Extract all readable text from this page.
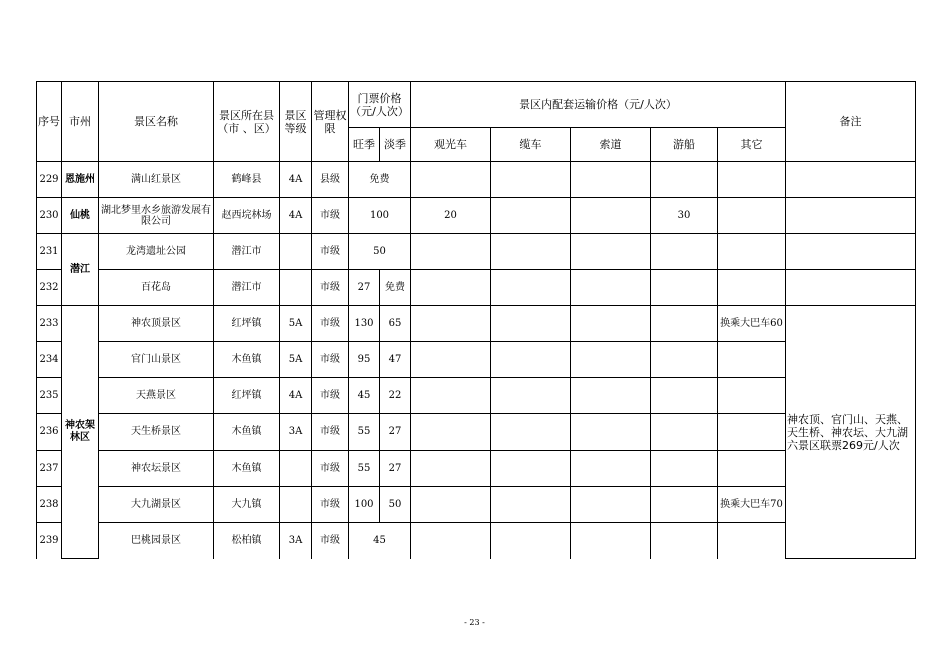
序号	市州	景区名称	景区所在县（市 、区）	景区等级	管理权限	门票价格（元/人次）		景区内配套运输价格（元/人次）					备注	
						旺季	淡季	观光车	缆车	索道	游船	其它		
229	恩施州	满山红景区	鹤峰县	4A	县级	免费								
230	仙桃	湖北梦里水乡旅游发展有限公司	赵西垸林场	4A	市级	100		20			30			
231	潜江	龙湾遗址公园	潜江市		市级	50								
232		百花岛	潜江市		市级	27	免费							
233	神农架林区	神农顶景区	红坪镇	5A	市级	130	65					换乘大巴车60	神农顶、官门山、天燕、天生桥、神农坛、大九湖六景区联票269元/人次	
234		官门山景区	木鱼镇	5A	市级	95	47							
235		天燕景区	红坪镇	4A	市级	45	22							
236		天生桥景区	木鱼镇	3A	市级	55	27							
237		神农坛景区	木鱼镇		市级	55	27							
238		大九湖景区	大九镇		市级	100	50					换乘大巴车70		
239		巴桃园景区	松柏镇	3A	市级	45								
- 23 -
